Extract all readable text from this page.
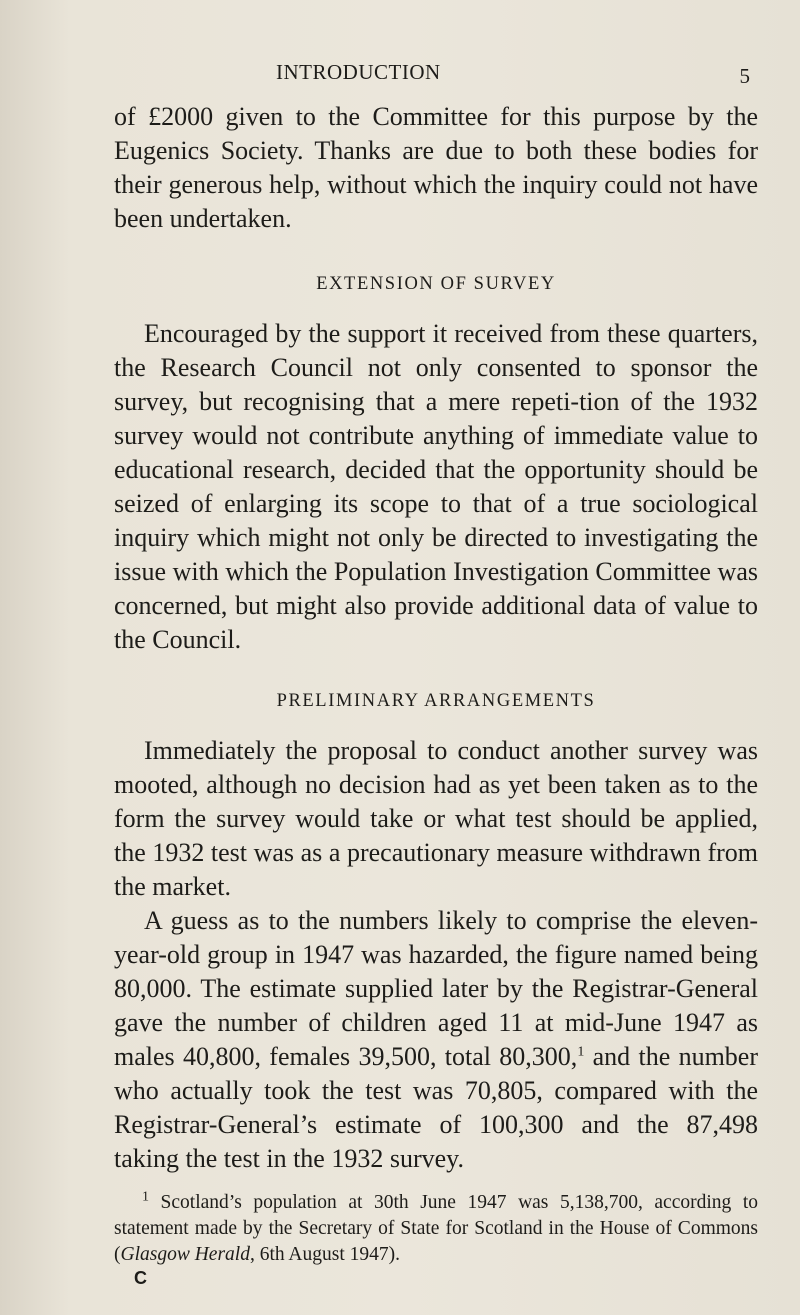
INTRODUCTION	5

of £2000 given to the Committee for this purpose by the Eugenics Society. Thanks are due to both these bodies for their generous help, without which the inquiry could not have been undertaken.

EXTENSION OF SURVEY

Encouraged by the support it received from these quarters, the Research Council not only consented to sponsor the survey, but recognising that a mere repeti-tion of the 1932 survey would not contribute anything of immediate value to educational research, decided that the opportunity should be seized of enlarging its scope to that of a true sociological inquiry which might not only be directed to investigating the issue with which the Population Investigation Committee was concerned, but might also provide additional data of value to the Council.

PRELIMINARY ARRANGEMENTS

Immediately the proposal to conduct another survey was mooted, although no decision had as yet been taken as to the form the survey would take or what test should be applied, the 1932 test was as a precautionary measure withdrawn from the market.

A guess as to the numbers likely to comprise the eleven-year-old group in 1947 was hazarded, the figure named being 80,000. The estimate supplied later by the Registrar-General gave the number of children aged 11 at mid-June 1947 as males 40,800, females 39,500, total 80,300,$^1$ and the number who actually took the test was 70,805, compared with the Registrar-General’s estimate of 100,300 and the 87,498 taking the test in the 1932 survey.

$^1$ Scotland’s population at 30th June 1947 was 5,138,700, according to statement made by the Secretary of State for Scotland in the House of Commons (Glasgow Herald, 6th August 1947).
C
